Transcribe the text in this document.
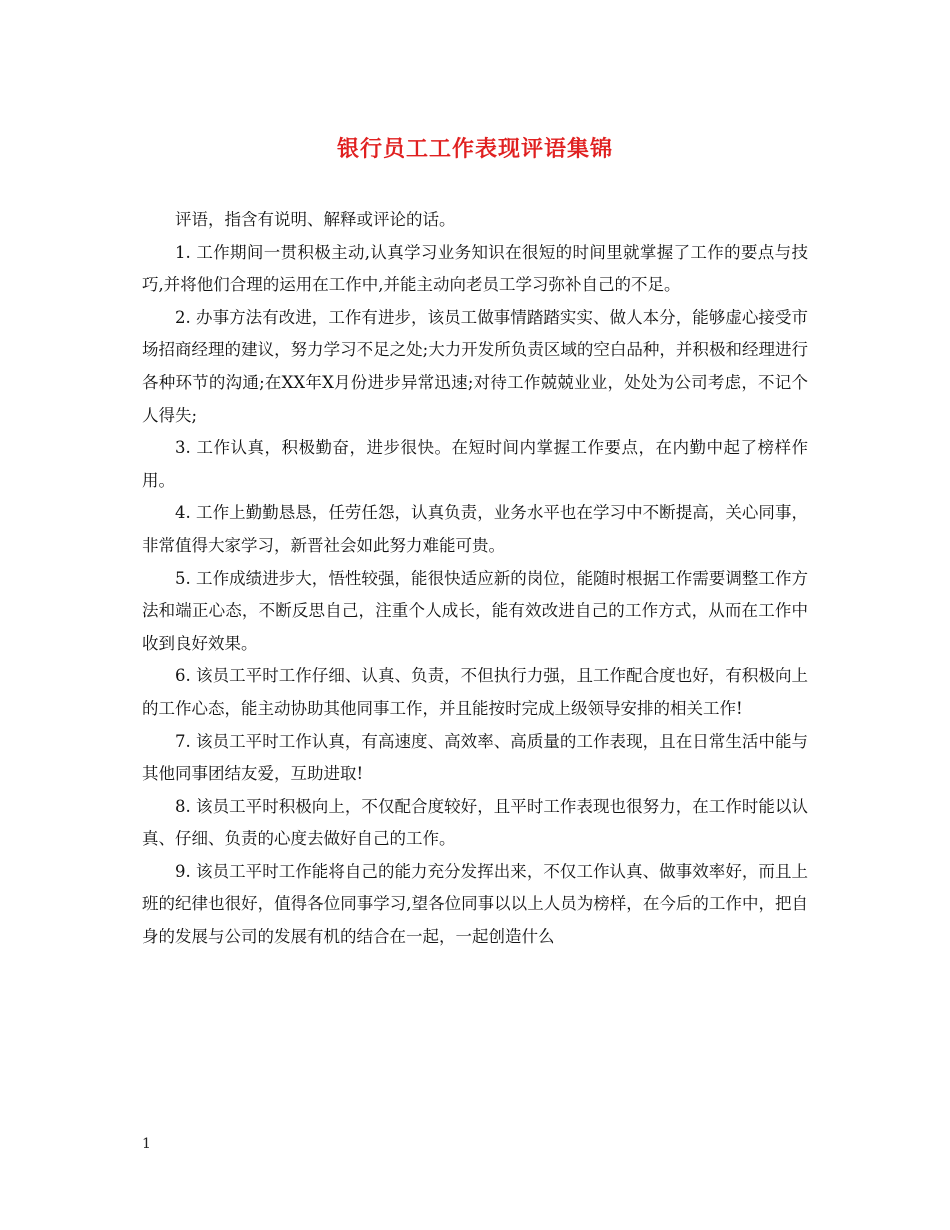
银行员工工作表现评语集锦

评语，指含有说明、解释或评论的话。

1. 工作期间一贯积极主动,认真学习业务知识在很短的时间里就掌握了工作的要点与技巧,并将他们合理的运用在工作中,并能主动向老员工学习弥补自己的不足。

2. 办事方法有改进，工作有进步，该员工做事情踏踏实实、做人本分，能够虚心接受市场招商经理的建议，努力学习不足之处;大力开发所负责区域的空白品种，并积极和经理进行各种环节的沟通;在XX年X月份进步异常迅速;对待工作兢兢业业，处处为公司考虑，不记个人得失;

3. 工作认真，积极勤奋，进步很快。在短时间内掌握工作要点，在内勤中起了榜样作用。

4. 工作上勤勤恳恳，任劳任怨，认真负责，业务水平也在学习中不断提高，关心同事，非常值得大家学习，新晋社会如此努力难能可贵。

5. 工作成绩进步大，悟性较强，能很快适应新的岗位，能随时根据工作需要调整工作方法和端正心态，不断反思自己，注重个人成长，能有效改进自己的工作方式，从而在工作中收到良好效果。

6. 该员工平时工作仔细、认真、负责，不但执行力强，且工作配合度也好，有积极向上的工作心态，能主动协助其他同事工作，并且能按时完成上级领导安排的相关工作!

7. 该员工平时工作认真，有高速度、高效率、高质量的工作表现，且在日常生活中能与其他同事团结友爱，互助进取!

8. 该员工平时积极向上，不仅配合度较好，且平时工作表现也很努力，在工作时能以认真、仔细、负责的心度去做好自己的工作。

9. 该员工平时工作能将自己的能力充分发挥出来，不仅工作认真、做事效率好，而且上班的纪律也很好，值得各位同事学习,望各位同事以以上人员为榜样，在今后的工作中，把自身的发展与公司的发展有机的结合在一起，一起创造什么

1
